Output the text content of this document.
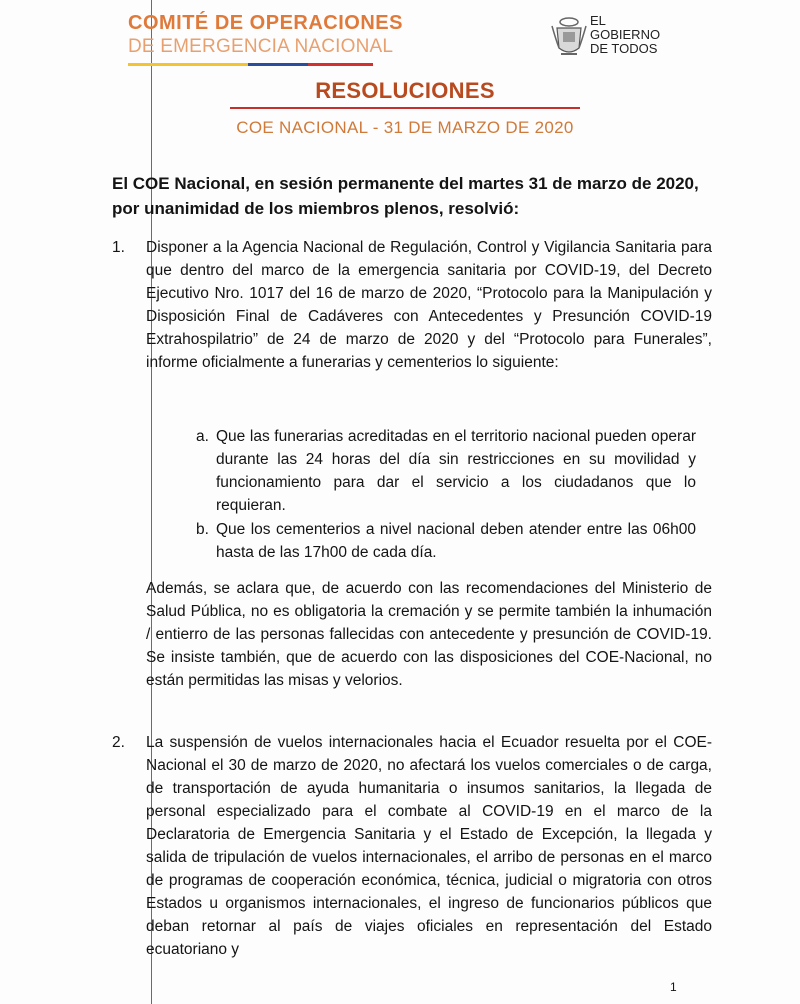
COMITÉ DE OPERACIONES
DE EMERGENCIA NACIONAL
EL
GOBIERNO
DE TODOS
RESOLUCIONES
COE NACIONAL - 31 DE MARZO DE 2020
El COE Nacional, en sesión permanente del martes 31 de marzo de 2020, por unanimidad de los miembros plenos, resolvió:
1.	Disponer a la Agencia Nacional de Regulación, Control y Vigilancia Sanitaria para que dentro del marco de la emergencia sanitaria por COVID-19, del Decreto Ejecutivo Nro. 1017 del 16 de marzo de 2020, “Protocolo para la Manipulación y Disposición Final de Cadáveres con Antecedentes y Presunción COVID-19 Extrahospilatrio” de 24 de marzo de 2020 y del “Protocolo para Funerales”, informe oficialmente a funerarias y cementerios lo siguiente:

a. Que las funerarias acreditadas en el territorio nacional pueden operar durante las 24 horas del día sin restricciones en su movilidad y funcionamiento para dar el servicio a los ciudadanos que lo requieran.
b. Que los cementerios a nivel nacional deben atender entre las 06h00 hasta de las 17h00 de cada día.
Además, se aclara que, de acuerdo con las recomendaciones del Ministerio de Salud Pública, no es obligatoria la cremación y se permite también la inhumación / entierro de las personas fallecidas con antecedente y presunción de COVID-19. Se insiste también, que de acuerdo con las disposiciones del COE-Nacional, no están permitidas las misas y velorios.
2.	La suspensión de vuelos internacionales hacia el Ecuador resuelta por el COE-Nacional el 30 de marzo de 2020, no afectará los vuelos comerciales o de carga, de transportación de ayuda humanitaria o insumos sanitarios, la llegada de personal especializado para el combate al COVID-19 en el marco de la Declaratoria de Emergencia Sanitaria y el Estado de Excepción, la llegada y salida de tripulación de vuelos internacionales, el arribo de personas en el marco de programas de cooperación económica, técnica, judicial o migratoria con otros Estados u organismos internacionales, el ingreso de funcionarios públicos que deban retornar al país de viajes oficiales en representación del Estado ecuatoriano y

1
